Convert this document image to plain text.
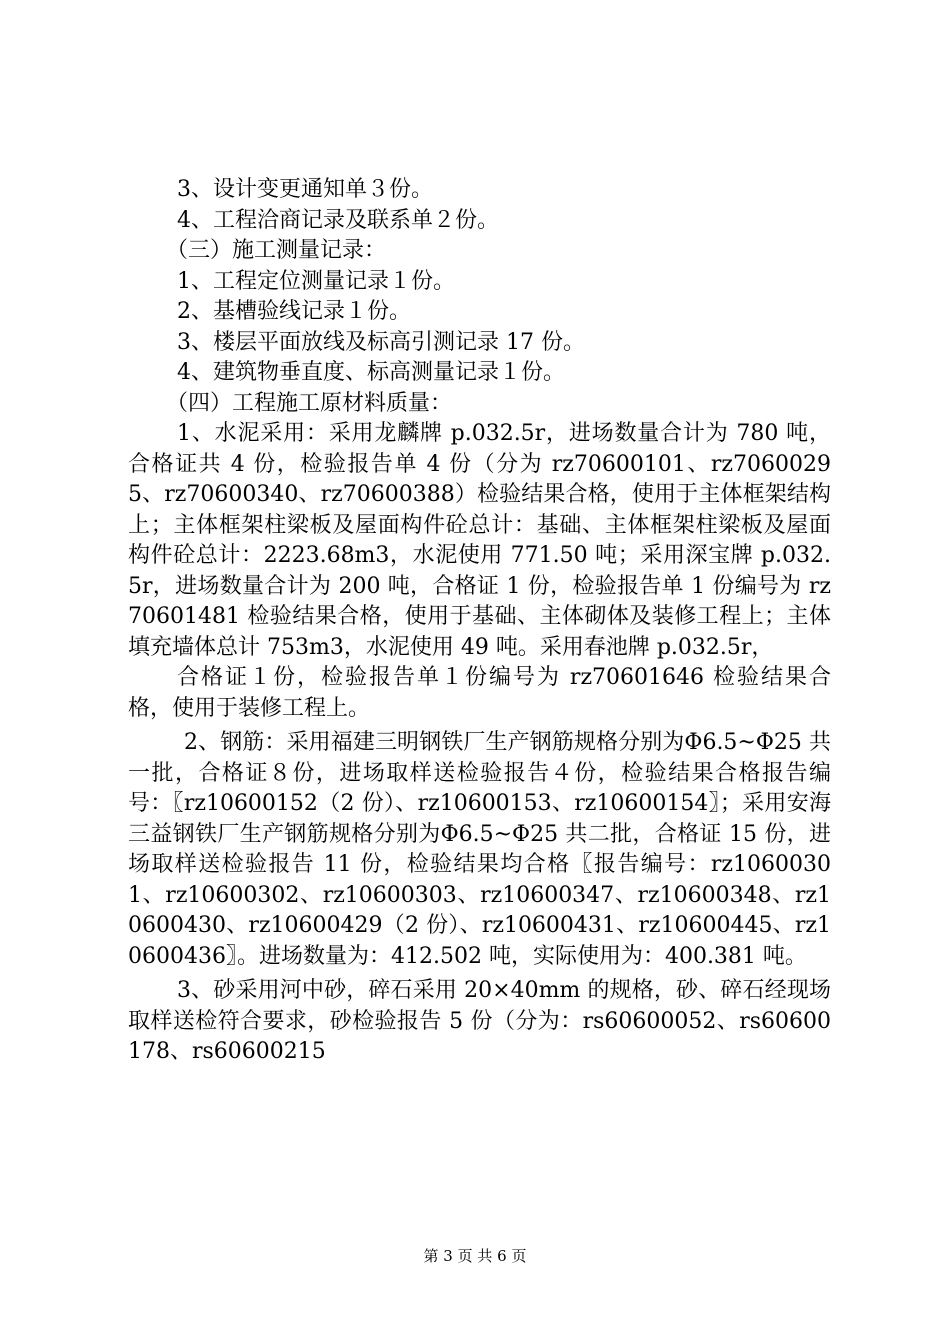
3、设计变更通知单３份。
4、工程洽商记录及联系单２份。
（三）施工测量记录：
1、工程定位测量记录１份。
2、基槽验线记录１份。
3、楼层平面放线及标高引测记录 17 份。
4、建筑物垂直度、标高测量记录１份。
（四）工程施工原材料质量：
1、水泥采用：采用龙麟牌 p.032.5r，进场数量合计为 780 吨，合格证共 4 份，检验报告单 4 份（分为 rz70600101、rz70600295、rz70600340、rz70600388）检验结果合格，使用于主体框架结构上；主体框架柱梁板及屋面构件砼总计：基础、主体框架柱梁板及屋面构件砼总计：2223.68m3，水泥使用 771.50 吨；采用深宝牌 p.032.5r，进场数量合计为 200 吨，合格证 1 份，检验报告单 1 份编号为 rz70601481 检验结果合格，使用于基础、主体砌体及装修工程上；主体填充墙体总计 753m3，水泥使用 49 吨。采用春池牌 p.032.5r，
合格证１份，检验报告单１份编号为 rz70601646 检验结果合格，使用于装修工程上。
2、钢筋：采用福建三明钢铁厂生产钢筋规格分别为Φ6.5~Φ25 共一批，合格证８份，进场取样送检验报告４份，检验结果合格报告编号：〖rz10600152（2 份）、rz10600153、rz10600154〗；采用安海三益钢铁厂生产钢筋规格分别为Φ6.5~Φ25 共二批，合格证 15 份，进场取样送检验报告 11 份，检验结果均合格〖报告编号：rz10600301、rz10600302、rz10600303、rz10600347、rz10600348、rz10600430、rz10600429（2 份）、rz10600431、rz10600445、rz10600436〗。进场数量为：412.502 吨，实际使用为：400.381 吨。
3、砂采用河中砂，碎石采用 20×40mm 的规格，砂、碎石经现场取样送检符合要求，砂检验报告 5 份（分为：rs60600052、rs60600178、rs60600215
第 3 页 共 6 页
